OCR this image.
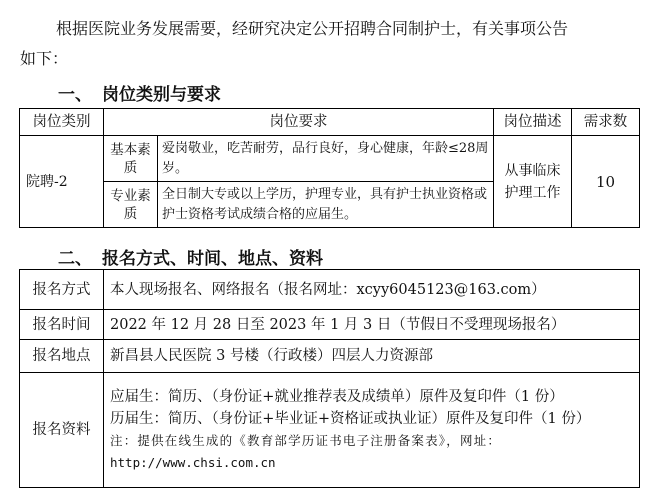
根据医院业务发展需要，经研究决定公开招聘合同制护士，有关事项公告
如下：
一、 岗位类别与要求
岗位类别	岗位要求		岗位描述	需求数
院聘-2	基本素质	爱岗敬业，吃苦耐劳，品行良好，身心健康，年龄≤28周岁。	从事临床护理工作	10
	专业素质	全日制大专或以上学历，护理专业，具有护士执业资格或护士资格考试成绩合格的应届生。		
二、 报名方式、时间、地点、资料
报名方式	本人现场报名、网络报名（报名网址：xcyy6045123@163.com）
报名时间	2022 年 12 月 28 日至 2023 年 1 月 3 日（节假日不受理现场报名）
报名地点	新昌县人民医院 3 号楼（行政楼）四层人力资源部
报名资料	应届生：简历、（身份证+就业推荐表及成绩单）原件及复印件（1 份）
历届生：简历、（身份证+毕业证+资格证或执业证）原件及复印件（1 份）
注：提供在线生成的《教育部学历证书电子注册备案表》，网址：
http://www.chsi.com.cn
